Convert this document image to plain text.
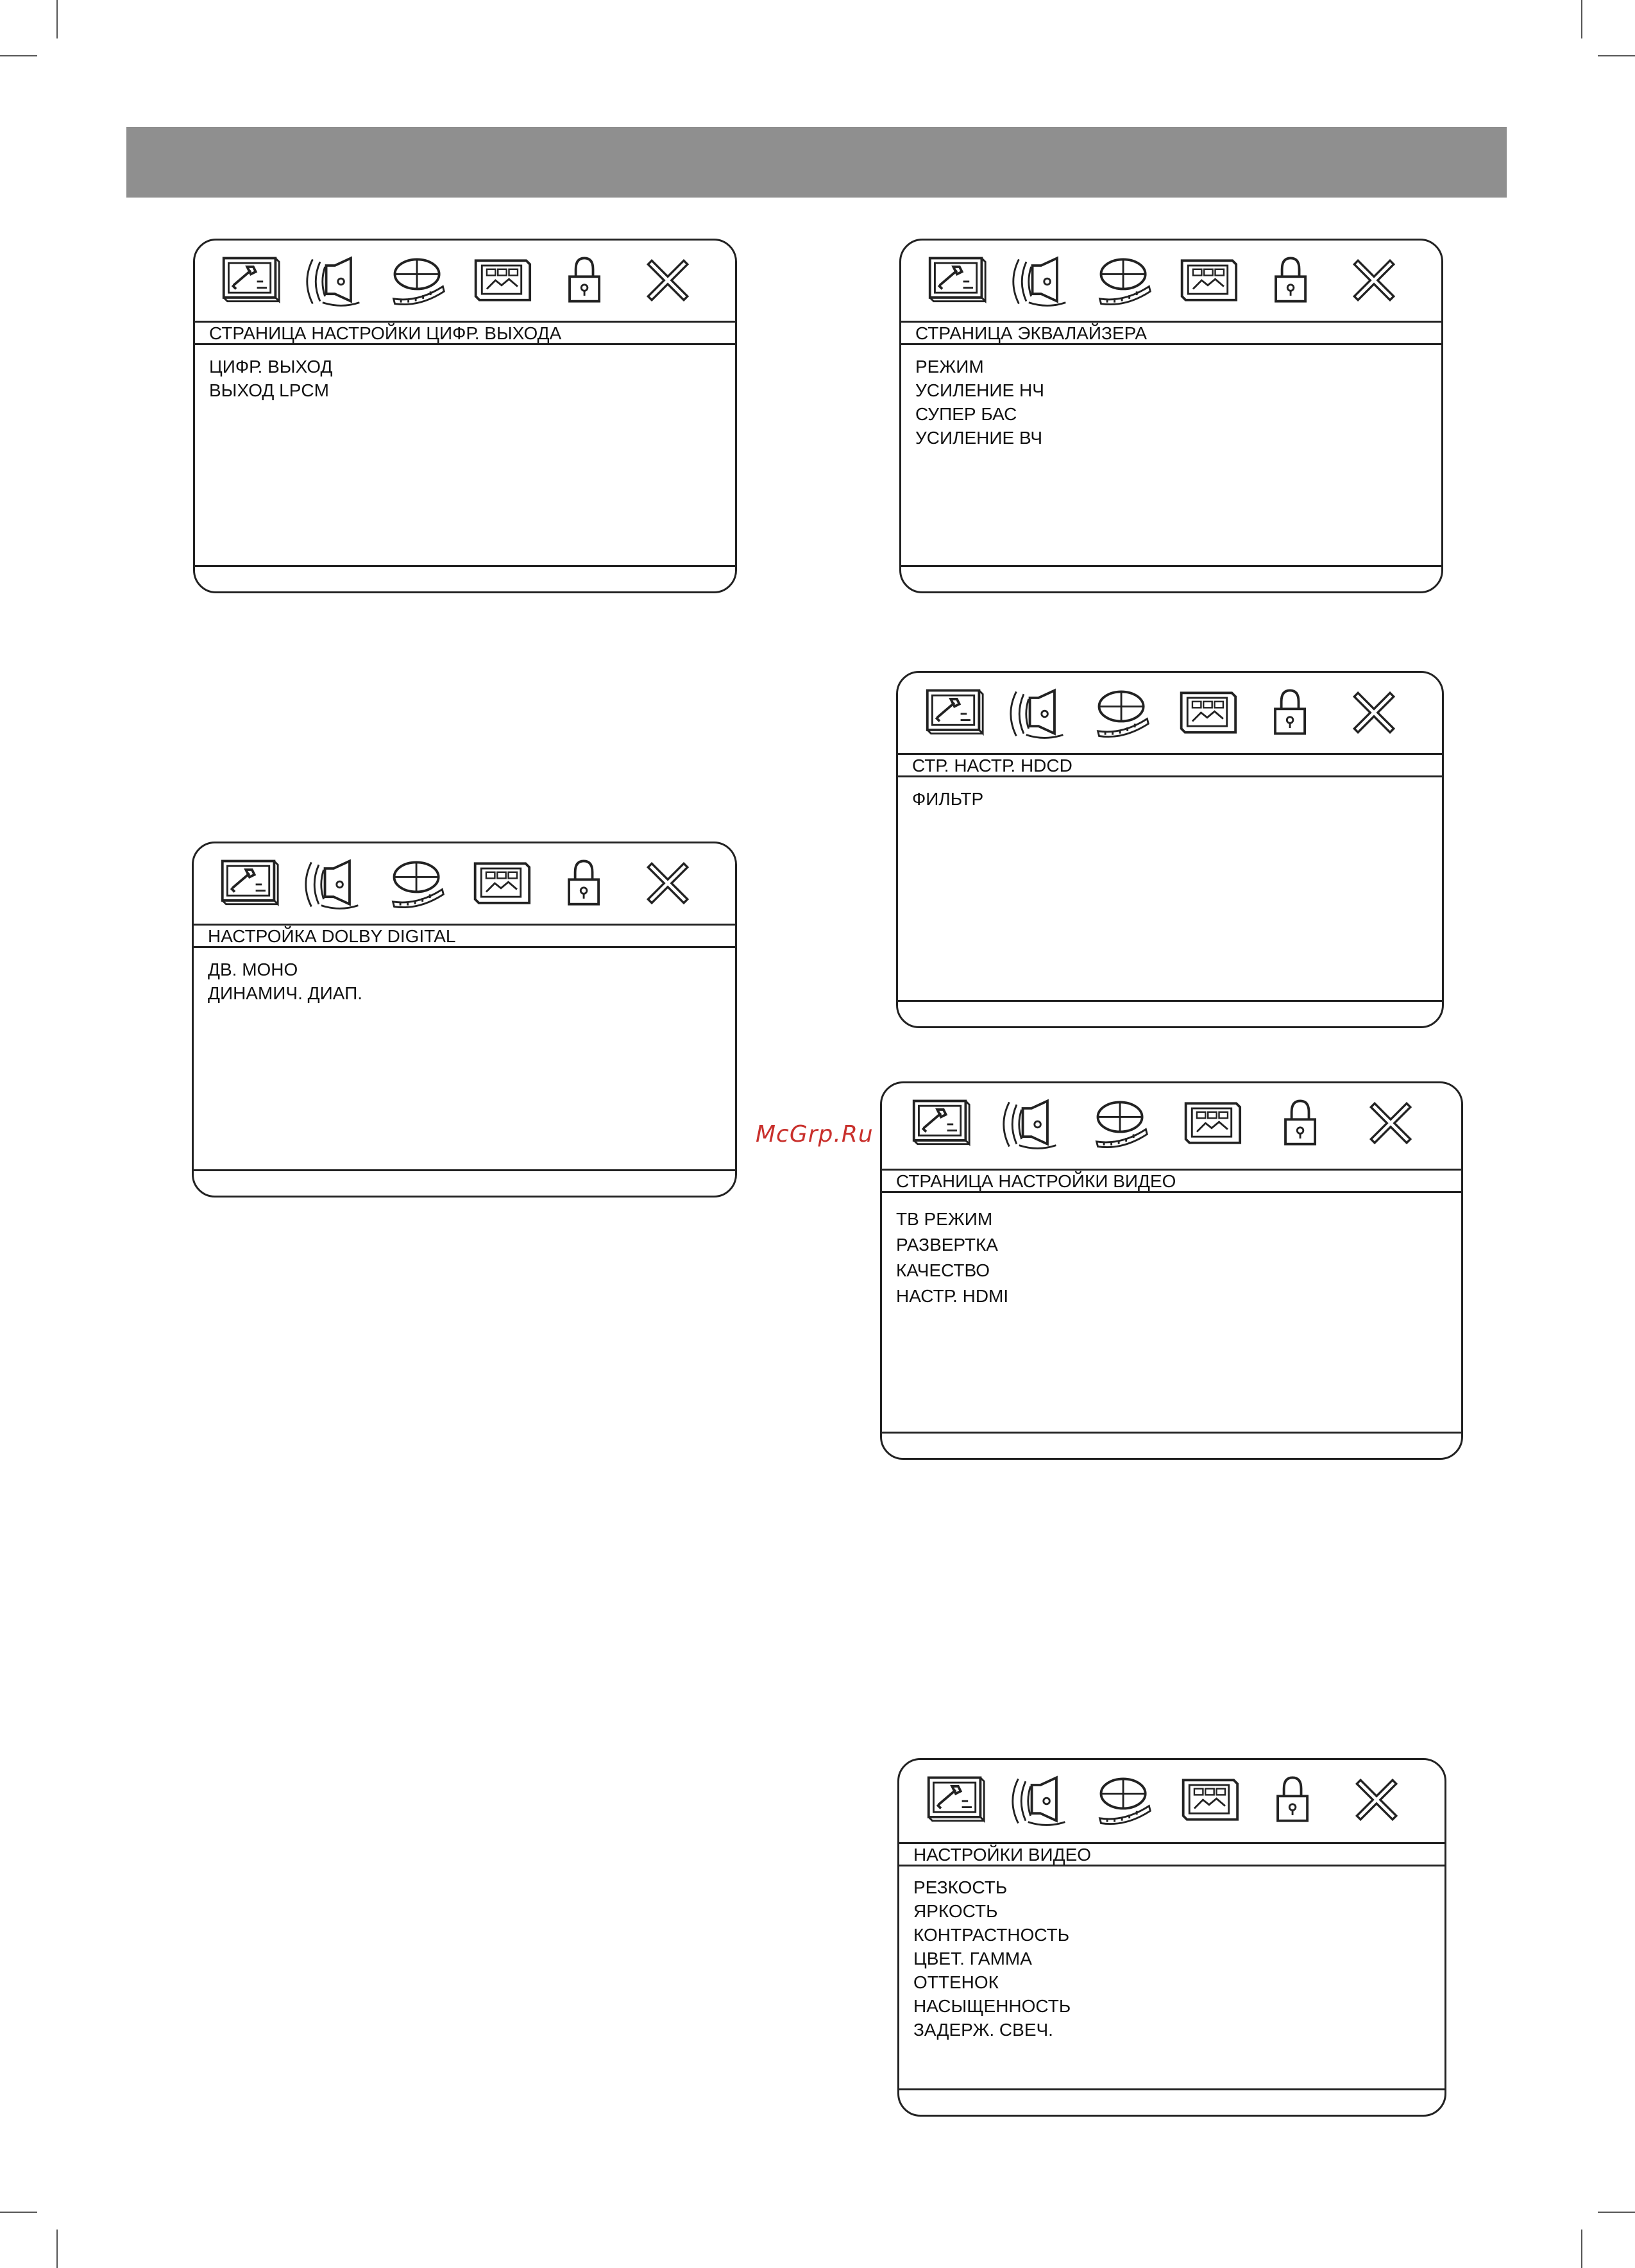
McGrp.Ru
СТРАНИЦА НАСТРОЙКИ ЦИФР. ВЫХОДА
ЦИФР. ВЫХОД
ВЫХОД LPCM
СТРАНИЦА ЭКВАЛАЙЗЕРА
РЕЖИМ
УСИЛЕНИЕ НЧ
СУПЕР БАС
УСИЛЕНИЕ ВЧ
СТР. НАСТР. HDCD
ФИЛЬТР
НАСТРОЙКА DOLBY DIGITAL
ДВ. МОНО
ДИНАМИЧ. ДИАП.
СТРАНИЦА НАСТРОЙКИ ВИДЕО
ТВ РЕЖИМ
РАЗВЕРТКА
КАЧЕСТВО
НАСТР. HDMI
НАСТРОЙКИ ВИДЕО
РЕЗКОСТЬ
ЯРКОСТЬ
КОНТРАСТНОСТЬ
ЦВЕТ. ГАММА
ОТТЕНОК
НАСЫЩЕННОСТЬ
ЗАДЕРЖ. СВЕЧ.
